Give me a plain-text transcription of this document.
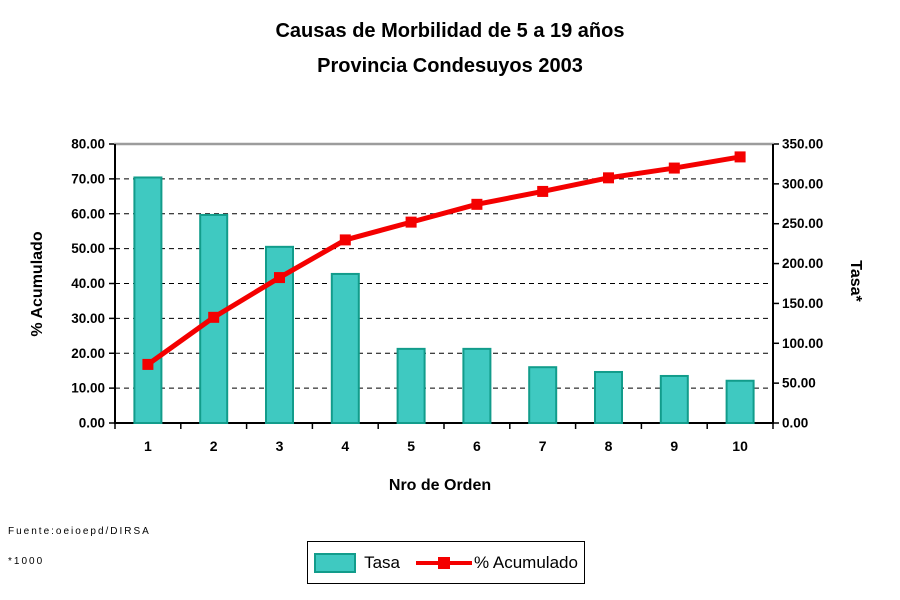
Causas de Morbilidad de 5 a 19 años
Provincia Condesuyos 2003
0.00
10.00
20.00
30.00
40.00
50.00
60.00
70.00
80.00
0.00
50.00
100.00
150.00
200.00
250.00
300.00
350.00
1	2	3	4	5	6	7	8	9	10
% Acumulado	Tasa*
Nro de Orden
Tasa	% Acumulado
Fuente:oeioepd/DIRSA
*1000
